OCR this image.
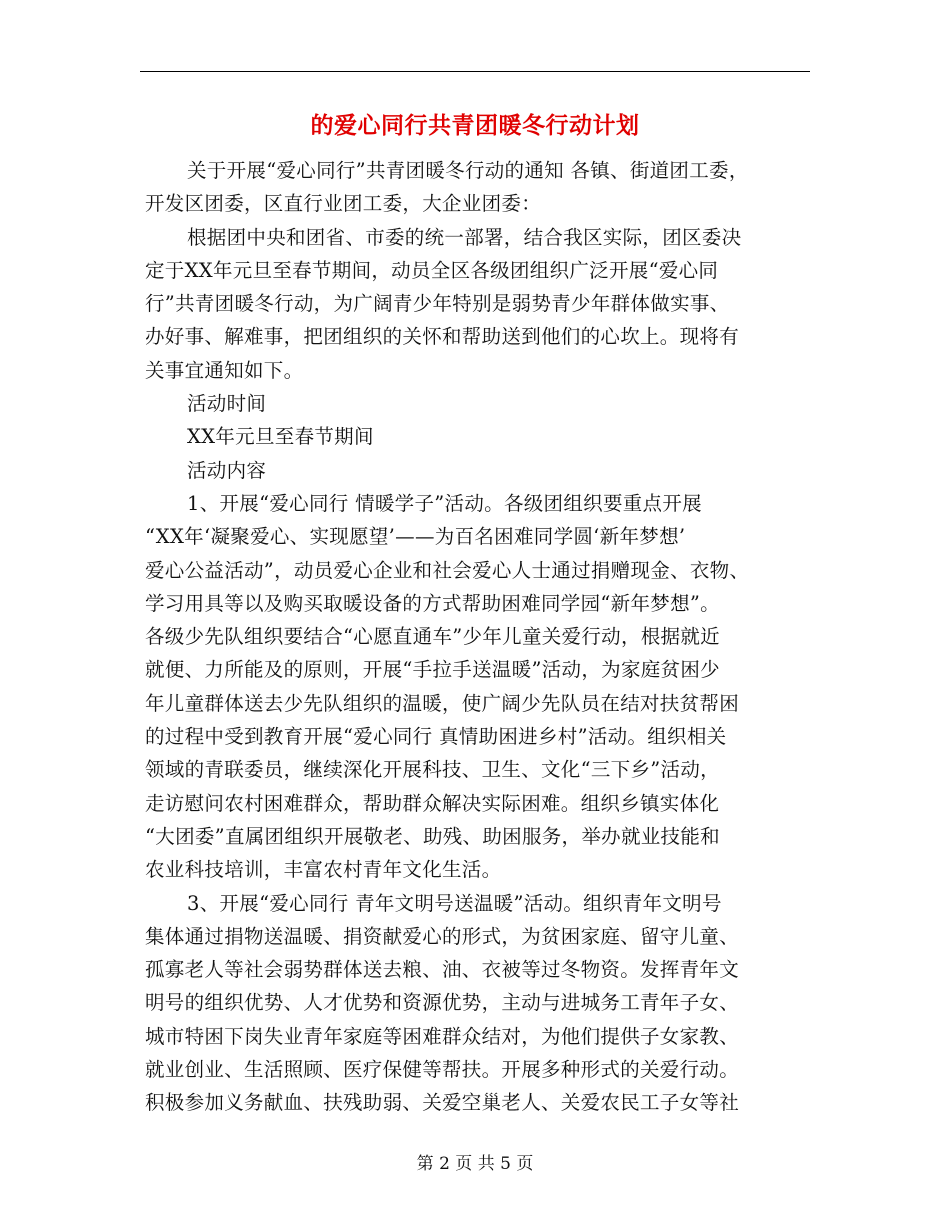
的爱心同行共青团暖冬行动计划
关于开展“爱心同行”共青团暖冬行动的通知 各镇、街道团工委，
开发区团委，区直行业团工委，大企业团委：
根据团中央和团省、市委的统一部署，结合我区实际，团区委决
定于XX年元旦至春节期间，动员全区各级团组织广泛开展“爱心同
行”共青团暖冬行动，为广阔青少年特别是弱势青少年群体做实事、
办好事、解难事，把团组织的关怀和帮助送到他们的心坎上。现将有
关事宜通知如下。
活动时间
XX年元旦至春节期间
活动内容
1、开展“爱心同行 情暖学子”活动。各级团组织要重点开展
“XX年‘凝聚爱心、实现愿望’——为百名困难同学圆‘新年梦想’
爱心公益活动”，动员爱心企业和社会爱心人士通过捐赠现金、衣物、
学习用具等以及购买取暖设备的方式帮助困难同学园“新年梦想”。
各级少先队组织要结合“心愿直通车”少年儿童关爱行动，根据就近
就便、力所能及的原则，开展“手拉手送温暖”活动，为家庭贫困少
年儿童群体送去少先队组织的温暖，使广阔少先队员在结对扶贫帮困
的过程中受到教育开展“爱心同行 真情助困进乡村”活动。组织相关
领域的青联委员，继续深化开展科技、卫生、文化“三下乡”活动，
走访慰问农村困难群众，帮助群众解决实际困难。组织乡镇实体化
“大团委”直属团组织开展敬老、助残、助困服务，举办就业技能和
农业科技培训，丰富农村青年文化生活。
3、开展“爱心同行 青年文明号送温暖”活动。组织青年文明号
集体通过捐物送温暖、捐资献爱心的形式，为贫困家庭、留守儿童、
孤寡老人等社会弱势群体送去粮、油、衣被等过冬物资。发挥青年文
明号的组织优势、人才优势和资源优势，主动与进城务工青年子女、
城市特困下岗失业青年家庭等困难群众结对，为他们提供子女家教、
就业创业、生活照顾、医疗保健等帮扶。开展多种形式的关爱行动。
积极参加义务献血、扶残助弱、关爱空巢老人、关爱农民工子女等社
第 2 页 共 5 页
